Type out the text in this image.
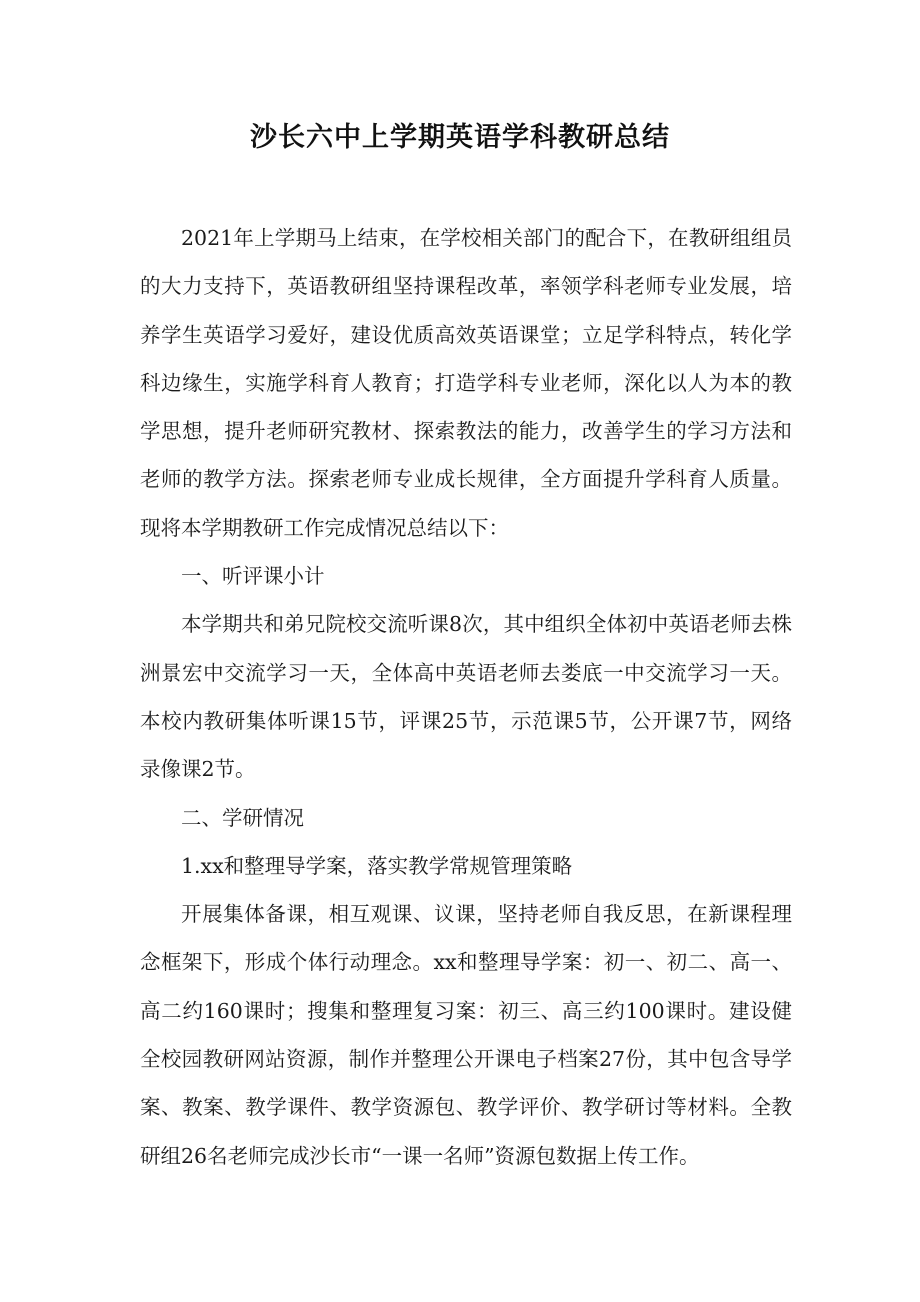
沙长六中上学期英语学科教研总结

2021年上学期马上结束，在学校相关部门的配合下，在教研组组员的大力支持下，英语教研组坚持课程改革，率领学科老师专业发展，培养学生英语学习爱好，建设优质高效英语课堂；立足学科特点，转化学科边缘生，实施学科育人教育；打造学科专业老师，深化以人为本的教学思想，提升老师研究教材、探索教法的能力，改善学生的学习方法和老师的教学方法。探索老师专业成长规律，全方面提升学科育人质量。现将本学期教研工作完成情况总结以下：

一、听评课小计

本学期共和弟兄院校交流听课8次，其中组织全体初中英语老师去株洲景宏中交流学习一天，全体高中英语老师去娄底一中交流学习一天。本校内教研集体听课15节，评课25节，示范课5节，公开课7节，网络录像课2节。

二、学研情况

1.xx和整理导学案，落实教学常规管理策略

开展集体备课，相互观课、议课，坚持老师自我反思，在新课程理念框架下，形成个体行动理念。xx和整理导学案：初一、初二、高一、高二约160课时；搜集和整理复习案：初三、高三约100课时。建设健全校园教研网站资源，制作并整理公开课电子档案27份，其中包含导学案、教案、教学课件、教学资源包、教学评价、教学研讨等材料。全教研组26名老师完成沙长市“一课一名师”资源包数据上传工作。
